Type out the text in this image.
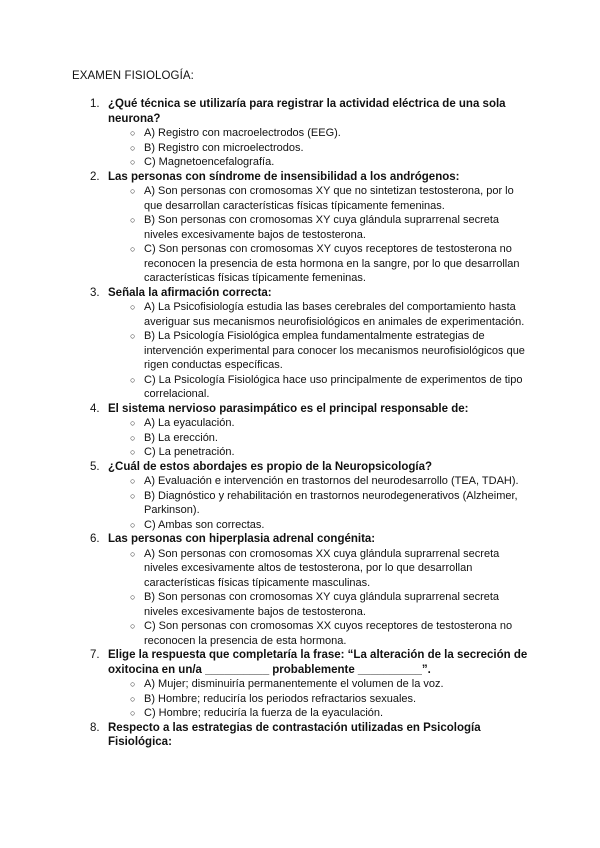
EXAMEN FISIOLOGÍA:
1. ¿Qué técnica se utilizaría para registrar la actividad eléctrica de una sola neurona?

○ A) Registro con macroelectrodos (EEG).
○ B) Registro con microelectrodos.
○ C) Magnetoencefalografía.
2. Las personas con síndrome de insensibilidad a los andrógenos:

○ A) Son personas con cromosomas XY que no sintetizan testosterona, por lo que desarrollan características físicas típicamente femeninas.
○ B) Son personas con cromosomas XY cuya glándula suprarrenal secreta niveles excesivamente bajos de testosterona.
○ C) Son personas con cromosomas XY cuyos receptores de testosterona no reconocen la presencia de esta hormona en la sangre, por lo que desarrollan características físicas típicamente femeninas.
3. Señala la afirmación correcta:

○ A) La Psicofisiología estudia las bases cerebrales del comportamiento hasta averiguar sus mecanismos neurofisiológicos en animales de experimentación.
○ B) La Psicología Fisiológica emplea fundamentalmente estrategias de intervención experimental para conocer los mecanismos neurofisiológicos que rigen conductas específicas.
○ C) La Psicología Fisiológica hace uso principalmente de experimentos de tipo correlacional.
4. El sistema nervioso parasimpático es el principal responsable de:

○ A) La eyaculación.
○ B) La erección.
○ C) La penetración.
5. ¿Cuál de estos abordajes es propio de la Neuropsicología?

○ A) Evaluación e intervención en trastornos del neurodesarrollo (TEA, TDAH).
○ B) Diagnóstico y rehabilitación en trastornos neurodegenerativos (Alzheimer, Parkinson).
○ C) Ambas son correctas.
6. Las personas con hiperplasia adrenal congénita:

○ A) Son personas con cromosomas XX cuya glándula suprarrenal secreta niveles excesivamente altos de testosterona, por lo que desarrollan características físicas típicamente masculinas.
○ B) Son personas con cromosomas XY cuya glándula suprarrenal secreta niveles excesivamente bajos de testosterona.
○ C) Son personas con cromosomas XX cuyos receptores de testosterona no reconocen la presencia de esta hormona.
7. Elige la respuesta que completaría la frase: “La alteración de la secreción de oxitocina en un/a __________ probablemente __________”.

○ A) Mujer; disminuiría permanentemente el volumen de la voz.
○ B) Hombre; reduciría los periodos refractarios sexuales.
○ C) Hombre; reduciría la fuerza de la eyaculación.
8. Respecto a las estrategias de contrastación utilizadas en Psicología Fisiológica:
